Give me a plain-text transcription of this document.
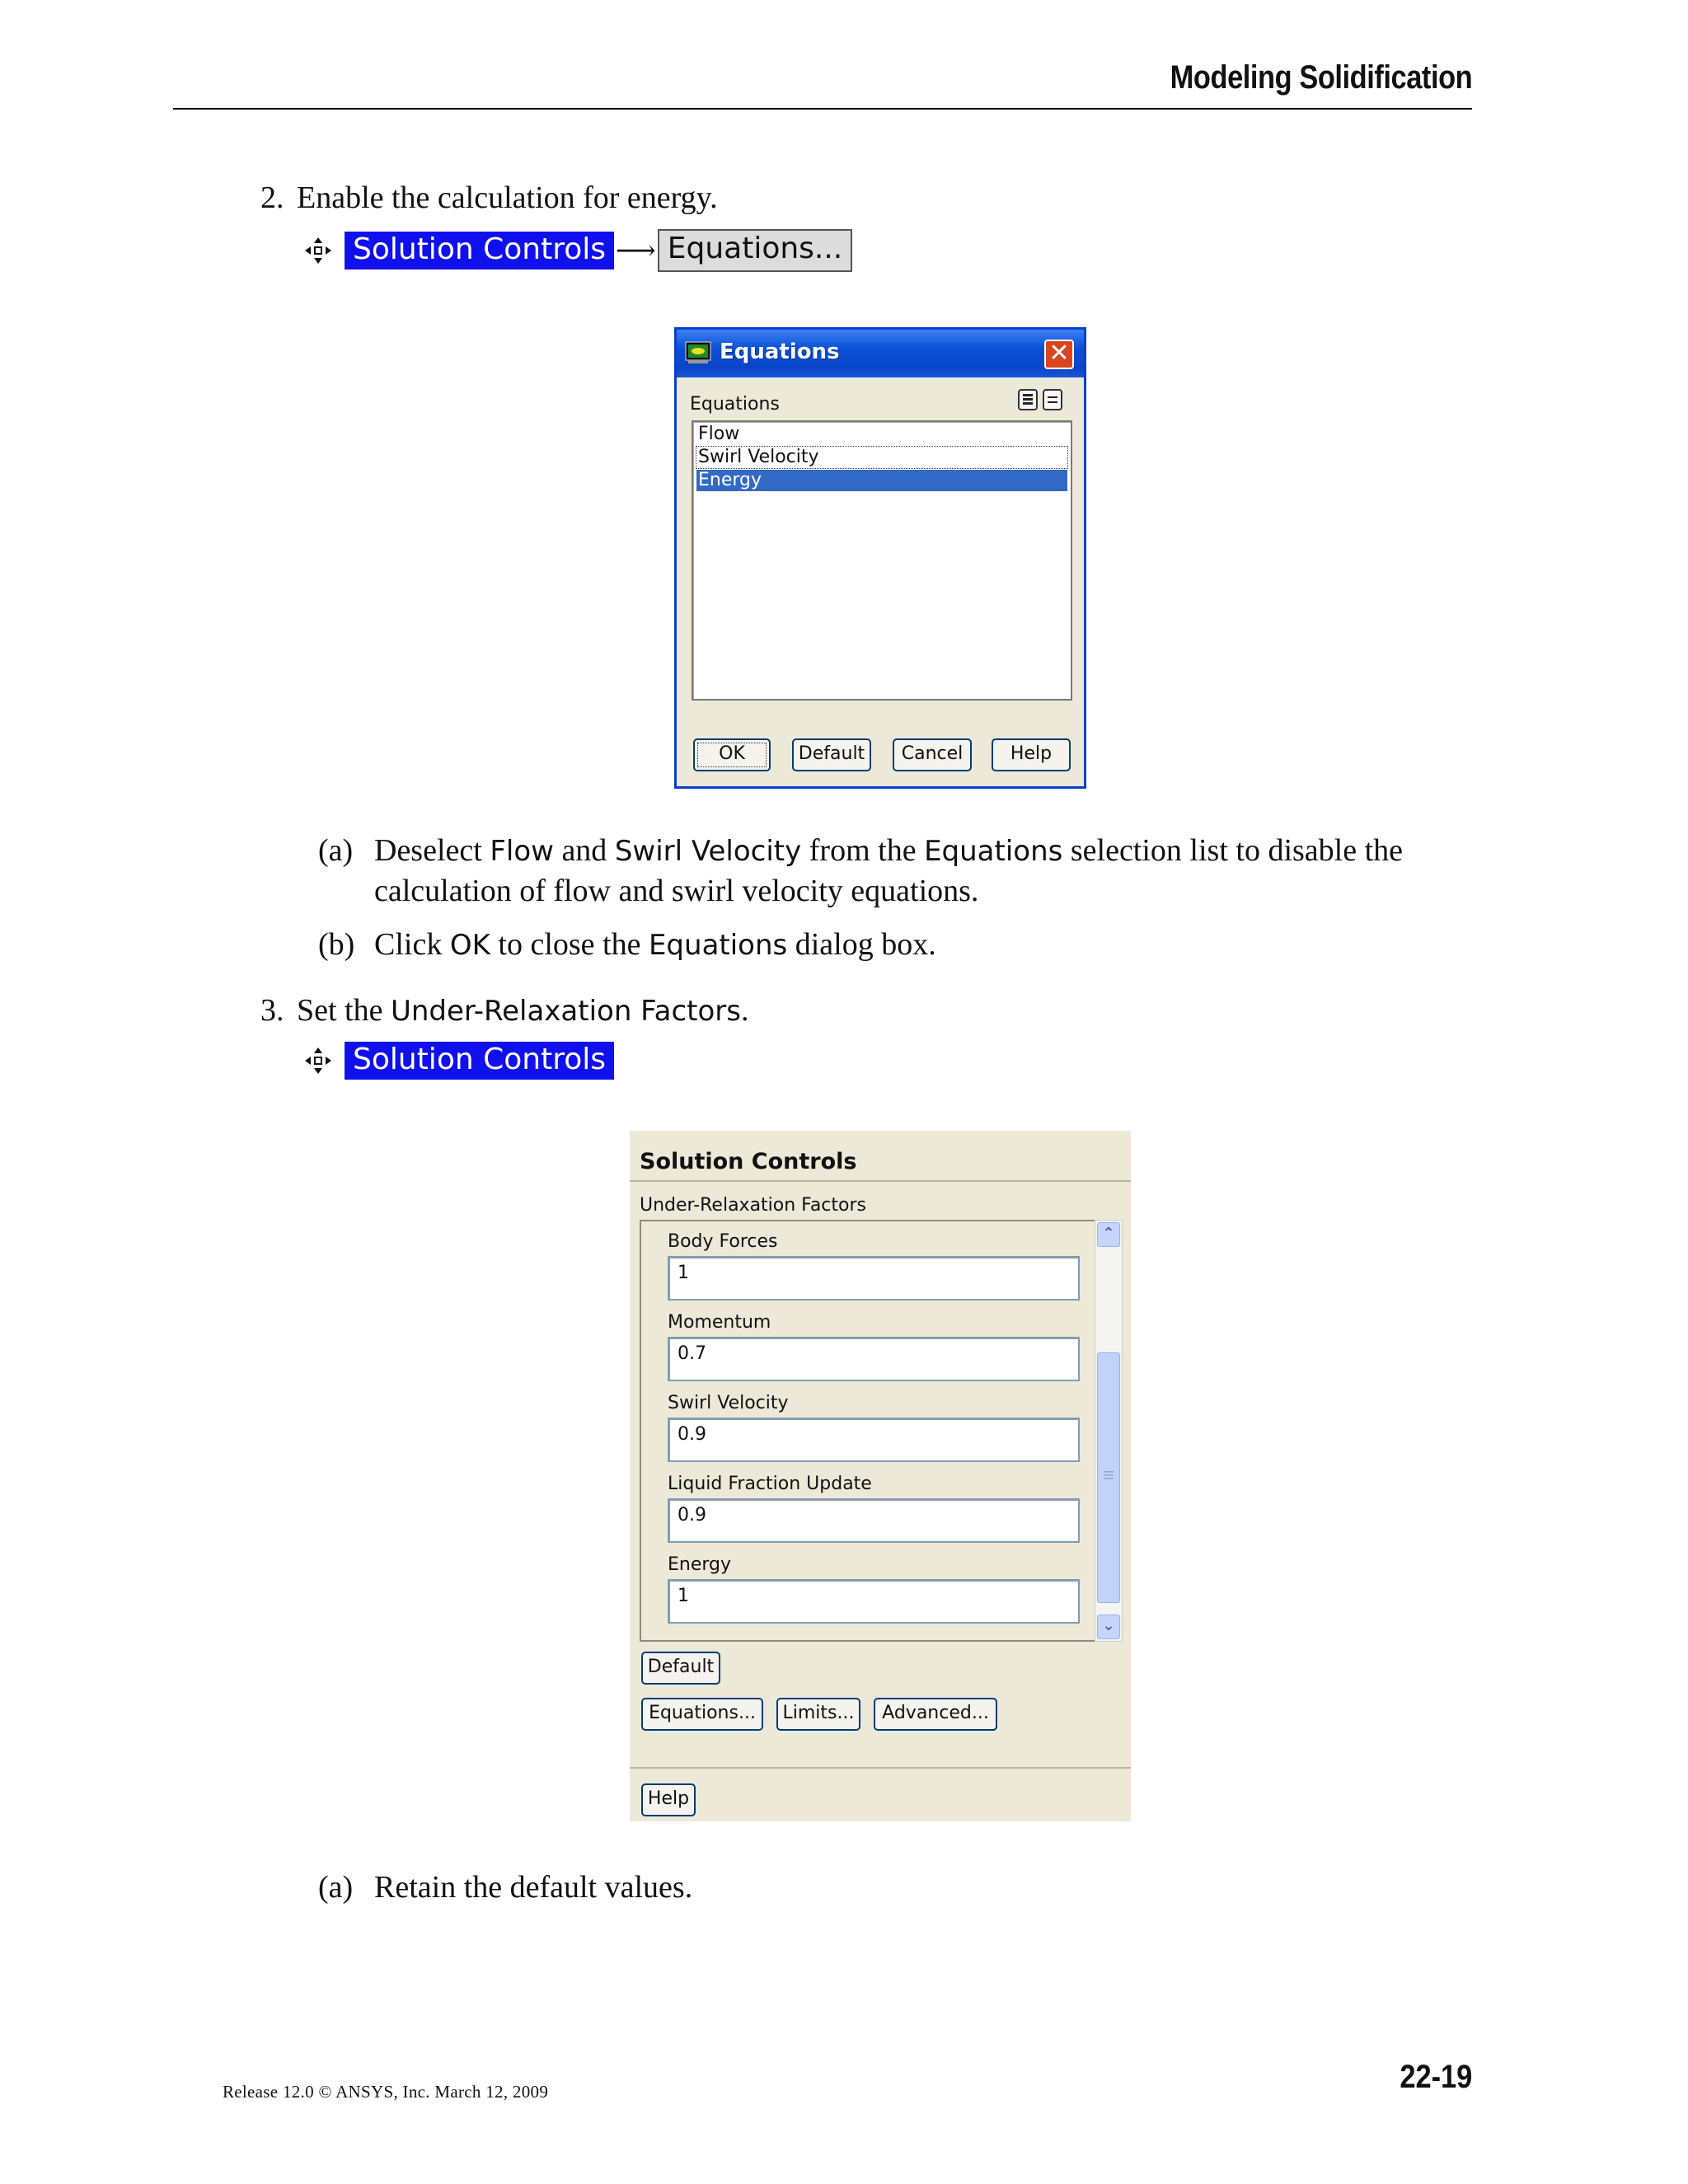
Modeling Solidification
2. Enable the calculation for energy.
Solution Controls ⟶ Equations...
Equations	✕
Equations
Flow
Swirl Velocity
Energy
OK	Default	Cancel	Help
(a) Deselect Flow and Swirl Velocity from the Equations selection list to disable the
calculation of flow and swirl velocity equations.
(b) Click OK to close the Equations dialog box.
3. Set the Under-Relaxation Factors.
Solution Controls
Solution Controls
Under-Relaxation Factors
Body Forces
1
Momentum
0.7
Swirl Velocity
0.9
Liquid Fraction Update
0.9
Energy
1
⌃
⌄
Default
Equations...	Limits...	Advanced...
Help
(a) Retain the default values.
Release 12.0 © ANSYS, Inc. March 12, 2009	22-19
